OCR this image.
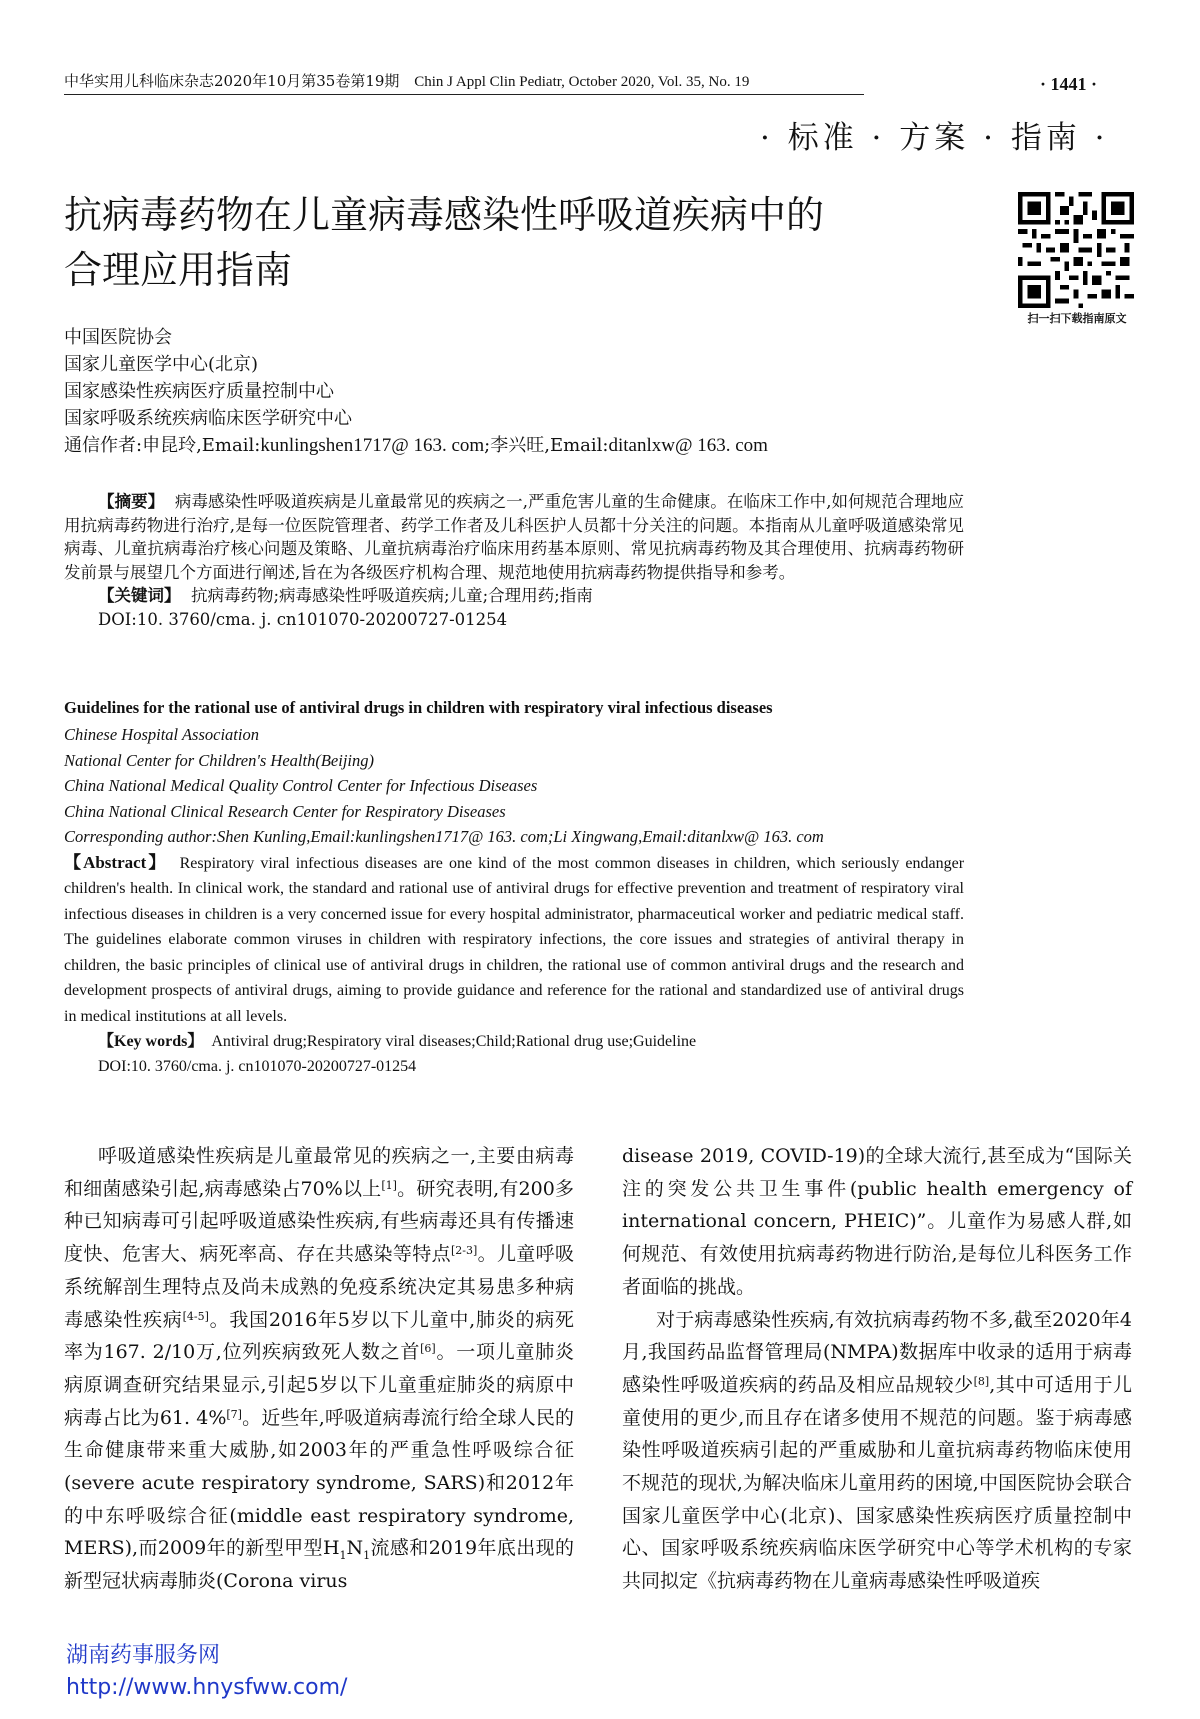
中华实用儿科临床杂志2020年10月第35卷第19期 Chin J Appl Clin Pediatr, October 2020, Vol. 35, No. 19	· 1441 ·
· 标准 · 方案 · 指南 ·
抗病毒药物在儿童病毒感染性呼吸道疾病中的
合理应用指南
扫一扫下载指南原文
中国医院协会
国家儿童医学中心(北京)
国家感染性疾病医疗质量控制中心
国家呼吸系统疾病临床医学研究中心
通信作者:申昆玲,Email:kunlingshen1717@ 163. com;李兴旺,Email:ditanlxw@ 163. com

【摘要】 病毒感染性呼吸道疾病是儿童最常见的疾病之一,严重危害儿童的生命健康。在临床工作中,如何规范合理地应用抗病毒药物进行治疗,是每一位医院管理者、药学工作者及儿科医护人员都十分关注的问题。本指南从儿童呼吸道感染常见病毒、儿童抗病毒治疗核心问题及策略、儿童抗病毒治疗临床用药基本原则、常见抗病毒药物及其合理使用、抗病毒药物研发前景与展望几个方面进行阐述,旨在为各级医疗机构合理、规范地使用抗病毒药物提供指导和参考。

【关键词】 抗病毒药物;病毒感染性呼吸道疾病;儿童;合理用药;指南

DOI:10. 3760/cma. j. cn101070-20200727-01254

Guidelines for the rational use of antiviral drugs in children with respiratory viral infectious diseases

Chinese Hospital Association

National Center for Children's Health(Beijing)

China National Medical Quality Control Center for Infectious Diseases

China National Clinical Research Center for Respiratory Diseases

Corresponding author:Shen Kunling,Email:kunlingshen1717@ 163. com;Li Xingwang,Email:ditanlxw@ 163. com

【Abstract】 Respiratory viral infectious diseases are one kind of the most common diseases in children, which seriously endanger children's health. In clinical work, the standard and rational use of antiviral drugs for effective prevention and treatment of respiratory viral infectious diseases in children is a very concerned issue for every hospital administrator, pharmaceutical worker and pediatric medical staff. The guidelines elaborate common viruses in children with respiratory infections, the core issues and strategies of antiviral therapy in children, the basic principles of clinical use of antiviral drugs in children, the rational use of common antiviral drugs and the research and development prospects of antiviral drugs, aiming to provide guidance and reference for the rational and standardized use of antiviral drugs in medical institutions at all levels.

【Key words】 Antiviral drug;Respiratory viral diseases;Child;Rational drug use;Guideline

DOI:10. 3760/cma. j. cn101070-20200727-01254

呼吸道感染性疾病是儿童最常见的疾病之一,主要由病毒和细菌感染引起,病毒感染占70%以上[1]。研究表明,有200多种已知病毒可引起呼吸道感染性疾病,有些病毒还具有传播速度快、危害大、病死率高、存在共感染等特点[2-3]。儿童呼吸系统解剖生理特点及尚未成熟的免疫系统决定其易患多种病毒感染性疾病[4-5]。我国2016年5岁以下儿童中,肺炎的病死率为167. 2/10万,位列疾病致死人数之首[6]。一项儿童肺炎病原调查研究结果显示,引起5岁以下儿童重症肺炎的病原中病毒占比为61. 4%[7]。近些年,呼吸道病毒流行给全球人民的生命健康带来重大威胁,如2003年的严重急性呼吸综合征(severe acute respiratory syndrome, SARS)和2012年的中东呼吸综合征(middle east respiratory syndrome, MERS),而2009年的新型甲型$H_1N_1$流感和2019年底出现的新型冠状病毒肺炎(Corona virus

disease 2019, COVID-19)的全球大流行,甚至成为“国际关注的突发公共卫生事件(public health emergency of international concern, PHEIC)”。儿童作为易感人群,如何规范、有效使用抗病毒药物进行防治,是每位儿科医务工作者面临的挑战。

对于病毒感染性疾病,有效抗病毒药物不多,截至2020年4月,我国药品监督管理局(NMPA)数据库中收录的适用于病毒感染性呼吸道疾病的药品及相应品规较少[8],其中可适用于儿童使用的更少,而且存在诸多使用不规范的问题。鉴于病毒感染性呼吸道疾病引起的严重威胁和儿童抗病毒药物临床使用不规范的现状,为解决临床儿童用药的困境,中国医院协会联合国家儿童医学中心(北京)、国家感染性疾病医疗质量控制中心、国家呼吸系统疾病临床医学研究中心等学术机构的专家共同拟定《抗病毒药物在儿童病毒感染性呼吸道疾

湖南药事服务网
http://www.hnysfww.com/
